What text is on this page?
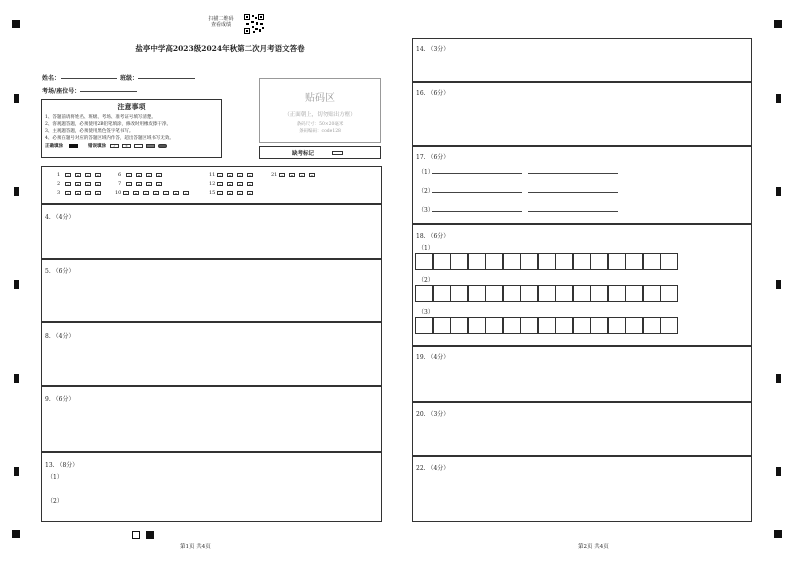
扫描二维码
查看成绩
盐亭中学高2023级2024年秋第二次月考语文答卷
姓名：	班级：
考场/座位号：
注意事项
1、答题前请将姓名、班级、考场、准考证号填写清楚。
2、客观题答题，必须使用2B铅笔填涂，修改时用橡皮擦干净。
3、主观题答题，必须使用黑色签字笔书写。
4、必须在题号对应的答题区域内作答，超出答题区域书写无效。
正确填涂	错误填涂	✓	✕
贴码区
（正面朝上，切勿贴出方框）
条码尺寸：50×20毫米
条码编码：code128
缺考标记
1	A	B	C	D
2	A	B	C	D
3	A	B	C	D
6	A	B	C	D
7	A	B	C	D
10	A	B	C	D	A	B	C
11	A	B	C	D
12	A	B	C	D
15	A	B	C	D
21	A	B	C	D
4. （4分）
5. （6分）
8. （4分）
9. （6分）
13. （8分）
（1）
（2）
第1页 共4页
14. （3分）
16. （6分）
17. （6分）
（1）
（2）
（3）
18. （6分）
（1）
（2）
（3）
19. （4分）
20. （3分）
22. （4分）
第2页 共4页
